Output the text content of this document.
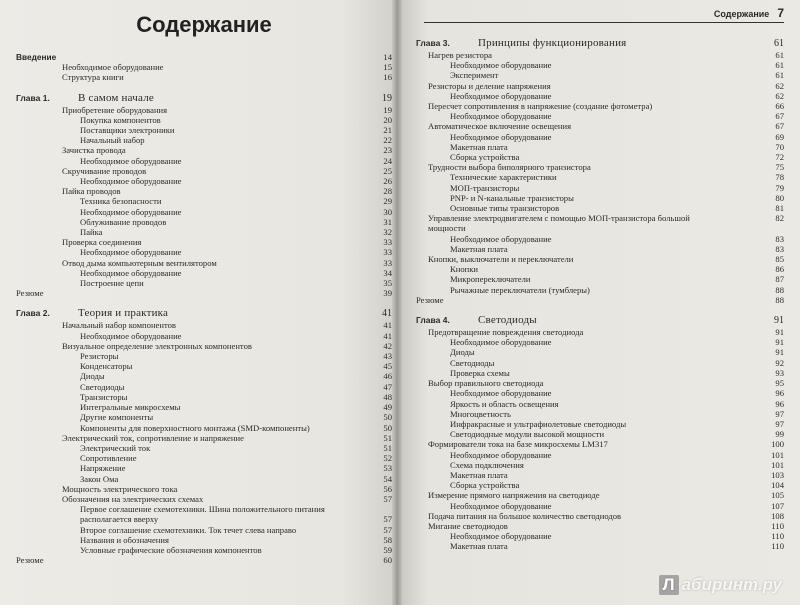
Содержание
Введение	14
Необходимое оборудование	15
Структура книги	16
Глава 1.	В самом начале	19
Приобретение оборудования	19
Покупка компонентов	20
Поставщики электроники	21
Начальный набор	22
Зачистка провода	23
Необходимое оборудование	24
Скручивание проводов	25
Необходимое оборудование	26
Пайка проводов	28
Техника безопасности	29
Необходимое оборудование	30
Облуживание проводов	31
Пайка	32
Проверка соединения	33
Необходимое оборудование	33
Отвод дыма компьютерным вентилятором	33
Необходимое оборудование	34
Построение цепи	35
Резюме	39
Глава 2.	Теория и практика	41
Начальный набор компонентов	41
Необходимое оборудование	41
Визуальное определение электронных компонентов	42
Резисторы	43
Конденсаторы	45
Диоды	46
Светодиоды	47
Транзисторы	48
Интегральные микросхемы	49
Другие компоненты	50
Компоненты для поверхностного монтажа (SMD-компоненты)	50
Электрический ток, сопротивление и напряжение	51
Электрический ток	51
Сопротивление	52
Напряжение	53
Закон Ома	54
Мощность электрического тока	56
Обозначения на электрических схемах	57
Первое соглашение схемотехники. Шина положительного питания
располагается вверху	57
Второе соглашение схемотехники. Ток течет слева направо	57
Названия и обозначения	58
Условные графические обозначения компонентов	59
Резюме	60
Содержание 7
Глава 3.	Принципы функционирования	61
Нагрев резистора	61
Необходимое оборудование	61
Эксперимент	61
Резисторы и деление напряжения	62
Необходимое оборудование	62
Пересчет сопротивления в напряжение (создание фотометра)	66
Необходимое оборудование	67
Автоматическое включение освещения	67
Необходимое оборудование	69
Макетная плата	70
Сборка устройства	72
Трудности выбора биполярного транзистора	75
Технические характеристики	78
МОП-транзисторы	79
PNP- и N-канальные транзисторы	80
Основные типы транзисторов	81
Управление электродвигателем с помощью МОП-транзистора большой	82
мощности
Необходимое оборудование	83
Макетная плата	83
Кнопки, выключатели и переключатели	85
Кнопки	86
Микропереключатели	87
Рычажные переключатели (тумблеры)	88
Резюме	88
Глава 4.	Светодиоды	91
Предотвращение повреждения светодиода	91
Необходимое оборудование	91
Диоды	91
Светодиоды	92
Проверка схемы	93
Выбор правильного светодиода	95
Необходимое оборудование	96
Яркость и область освещения	96
Многоцветность	97
Инфракрасные и ультрафиолетовые светодиоды	97
Светодиодные модули высокой мощности	99
Формирователи тока на базе микросхемы LM317	100
Необходимое оборудование	101
Схема подключения	101
Макетная плата	103
Сборка устройства	104
Измерение прямого напряжения на светодиоде	105
Необходимое оборудование	107
Подача питания на большое количество светодиодов	108
Мигание светодиодов	110
Необходимое оборудование	110
Макетная плата	110
Л абиринт.ру
